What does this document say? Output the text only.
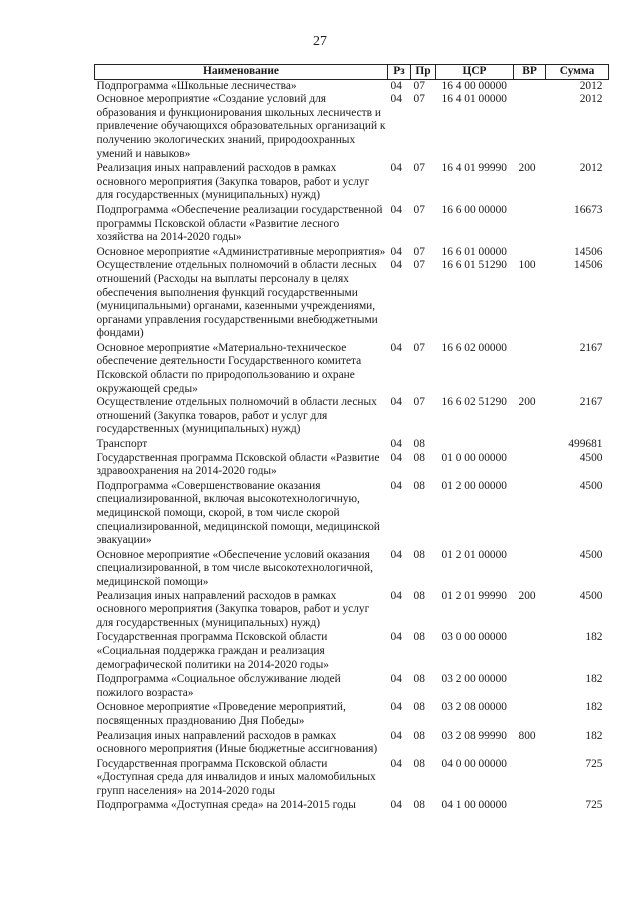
27
Наименование	Рз	Пр	ЦСР	ВР	Сумма
Подпрограмма «Школьные лесничества»	04	07	16 4 00 00000		2012
Основное мероприятие «Создание условий для образования и функционирования школьных лесничеств и привлечение обучающихся образовательных организаций к получению экологических знаний, природоохранных умений и навыков»	04	07	16 4 01 00000		2012
Реализация иных направлений расходов в рамках основного мероприятия (Закупка товаров, работ и услуг для государственных (муниципальных) нужд)	04	07	16 4 01 99990	200	2012
Подпрограмма «Обеспечение реализации государственной программы Псковской области «Развитие лесного хозяйства на 2014-2020 годы»	04	07	16 6 00 00000		16673
Основное мероприятие «Административные мероприятия»	04	07	16 6 01 00000		14506
Осуществление отдельных полномочий в области лесных отношений (Расходы на выплаты персоналу в целях обеспечения выполнения функций государственными (муниципальными) органами, казенными учреждениями, органами управления государственными внебюджетными фондами)	04	07	16 6 01 51290	100	14506
Основное мероприятие «Материально-техническое обеспечение деятельности Государственного комитета Псковской области по природопользованию и охране окружающей среды»	04	07	16 6 02 00000		2167
Осуществление отдельных полномочий в области лесных отношений (Закупка товаров, работ и услуг для государственных (муниципальных) нужд)	04	07	16 6 02 51290	200	2167
Транспорт	04	08			499681
Государственная программа Псковской области «Развитие здравоохранения на 2014-2020 годы»	04	08	01 0 00 00000		4500
Подпрограмма «Совершенствование оказания специализированной, включая высокотехнологичную, медицинской помощи, скорой, в том числе скорой специализированной, медицинской помощи, медицинской эвакуации»	04	08	01 2 00 00000		4500
Основное мероприятие «Обеспечение условий оказания специализированной, в том числе высокотехнологичной, медицинской помощи»	04	08	01 2 01 00000		4500
Реализация иных направлений расходов в рамках основного мероприятия (Закупка товаров, работ и услуг для государственных (муниципальных) нужд)	04	08	01 2 01 99990	200	4500
Государственная программа Псковской области «Социальная поддержка граждан и реализация демографической политики на 2014-2020 годы»	04	08	03 0 00 00000		182
Подпрограмма «Социальное обслуживание людей пожилого возраста»	04	08	03 2 00 00000		182
Основное мероприятие «Проведение мероприятий, посвященных празднованию Дня Победы»	04	08	03 2 08 00000		182
Реализация иных направлений расходов в рамках основного мероприятия (Иные бюджетные ассигнования)	04	08	03 2 08 99990	800	182
Государственная программа Псковской области «Доступная среда для инвалидов и иных маломобильных групп населения» на 2014-2020 годы	04	08	04 0 00 00000		725
Подпрограмма «Доступная среда» на 2014-2015 годы	04	08	04 1 00 00000		725
